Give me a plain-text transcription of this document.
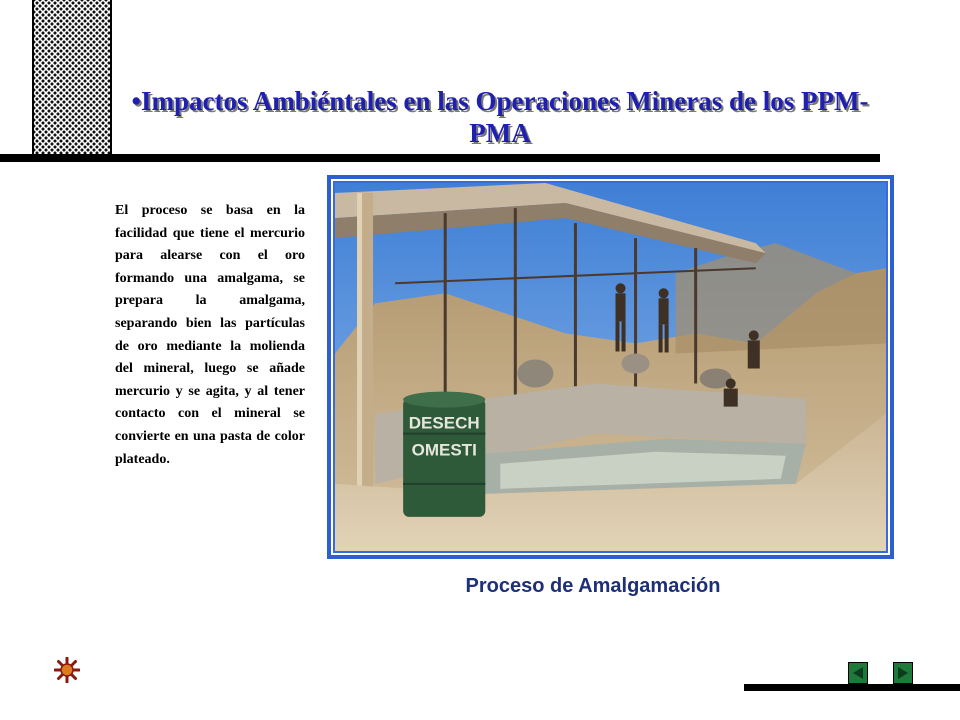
•Impactos Ambiéntales en las Operaciones Mineras de los PPM-PMA
El proceso se basa en la facilidad que tiene el mercurio para alearse con el oro formando una amalgama, se prepara la amalgama, separando bien las partículas de oro mediante la molienda del mineral, luego se añade mercurio y se agita, y al tener contacto con el mineral se convierte en una pasta de color plateado.
DESECH
OMESTI
Proceso de Amalgamación
